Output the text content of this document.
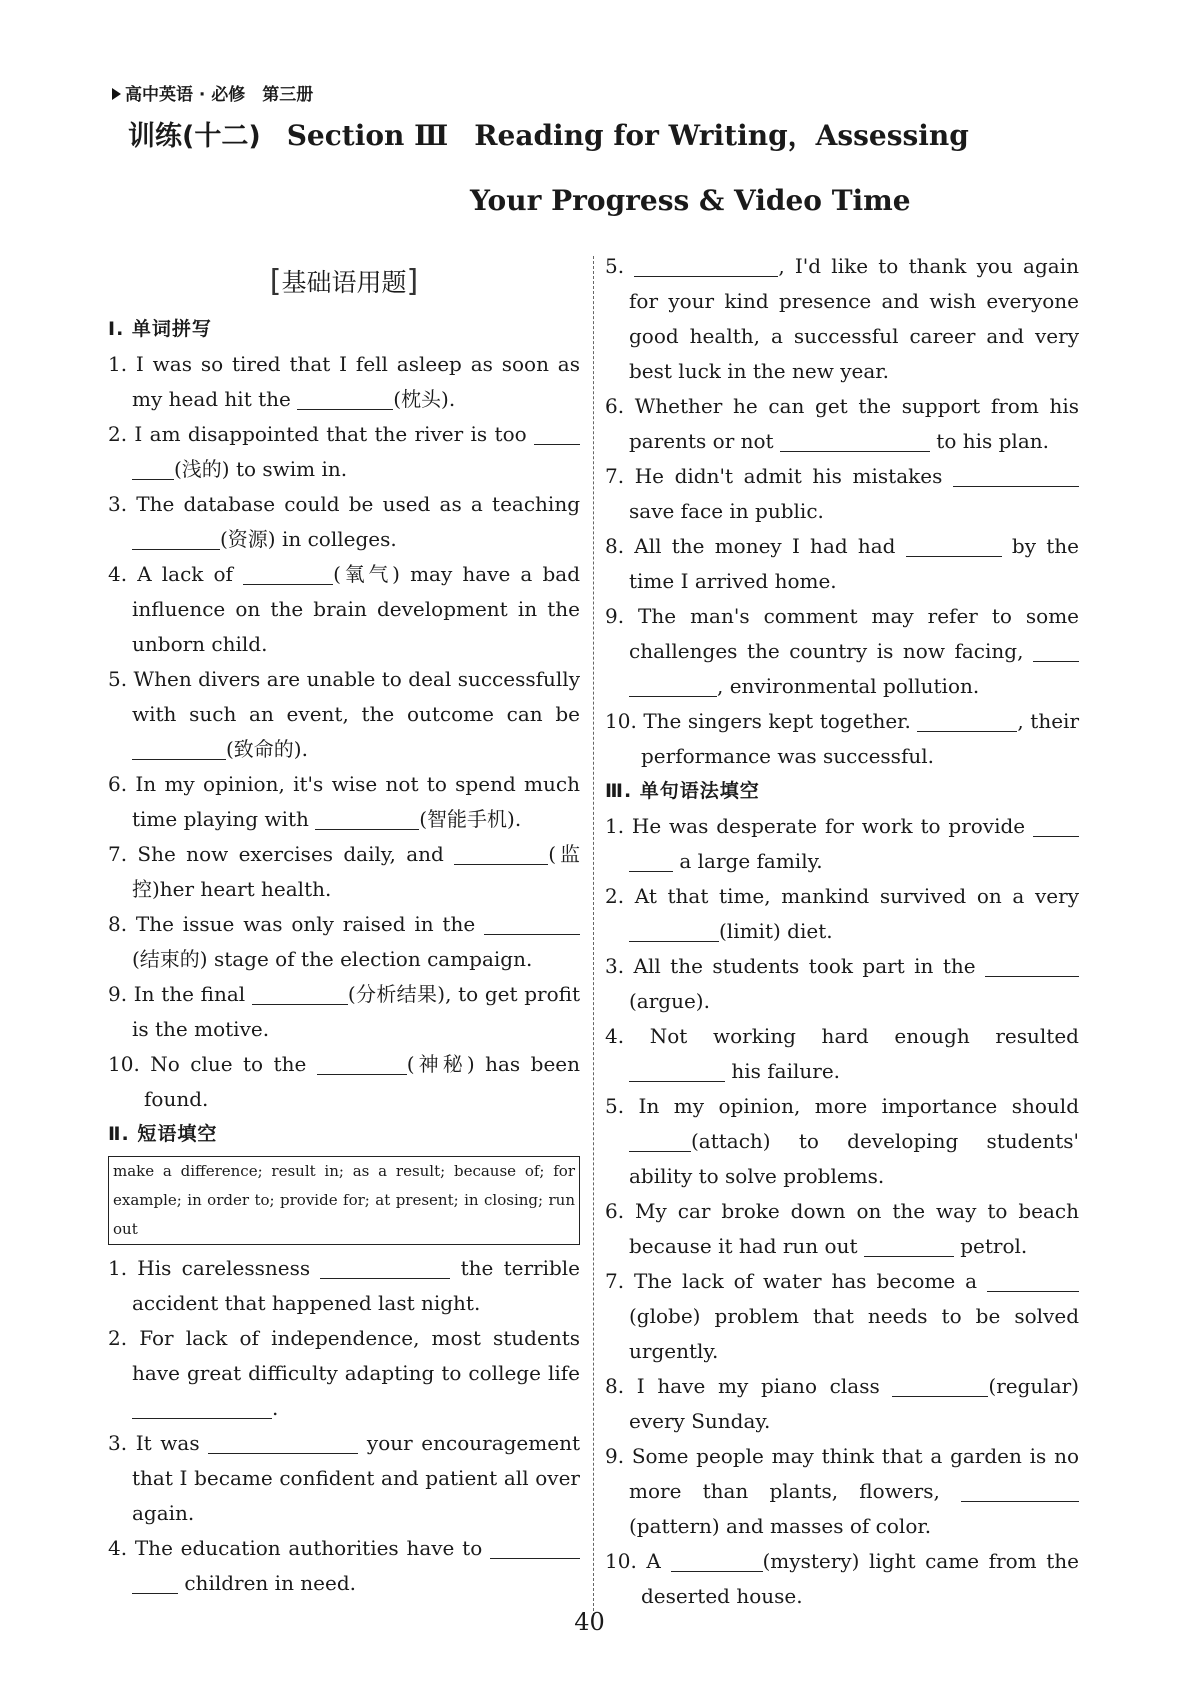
高中英语 · 必修　第三册
训练(十二) Section Ⅲ Reading for Writing，Assessing
Your Progress & Video Time
[基础语用题]
Ⅰ. 单词拼写
1. I was so tired that I fell asleep as soon as my head hit the	(枕头).
2. I am disappointed that the river is too  (浅的) to swim in.
3. The database could be used as a teaching (资源) in colleges.
4. A lack of	(氧气) may have a bad influence on the brain development in the unborn child.
5. When divers are unable to deal successfully with such an event, the outcome can be (致命的).
6. In my opinion, it's wise not to spend much time playing with	(智能手机).
7. She now exercises daily, and	(监控)her heart health.
8. The issue was only raised in the (结束的) stage of the election campaign.
9. In the final	(分析结果), to get profit is the motive.
10. No clue to the	(神秘) has been found.
Ⅱ. 短语填空
make a difference; result in; as a result; because of; for example; in order to; provide for; at present; in closing; run out
1. His carelessness	the terrible accident that happened last night.
2. For lack of independence, most students have great difficulty adapting to college life .
3. It was	your encouragement that I became confident and patient all over again.
4. The education authorities have to   children in need.
5.	, I'd like to thank you again for your kind presence and wish everyone good health, a successful career and very best luck in the new year.
6. Whether he can get the support from his parents or not	to his plan.
7. He didn't admit his mistakes  save face in public.
8. All the money I had had	by the time I arrived home.
9. The man's comment may refer to some challenges the country is now facing,  , environmental pollution.
10. The singers kept together.	, their performance was successful.
Ⅲ. 单句语法填空
1. He was desperate for work to provide   a large family.
2. At that time, mankind survived on a very (limit) diet.
3. All the students took part in the (argue).
4. Not working hard enough resulted  his failure.
5. In my opinion, more importance should (attach) to developing students' ability to solve problems.
6. My car broke down on the way to beach because it had run out	petrol.
7. The lack of water has become a (globe) problem that needs to be solved urgently.
8. I have my piano class	(regular) every Sunday.
9. Some people may think that a garden is no more than plants, flowers, (pattern) and masses of color.
10. A	(mystery) light came from the deserted house.
40
